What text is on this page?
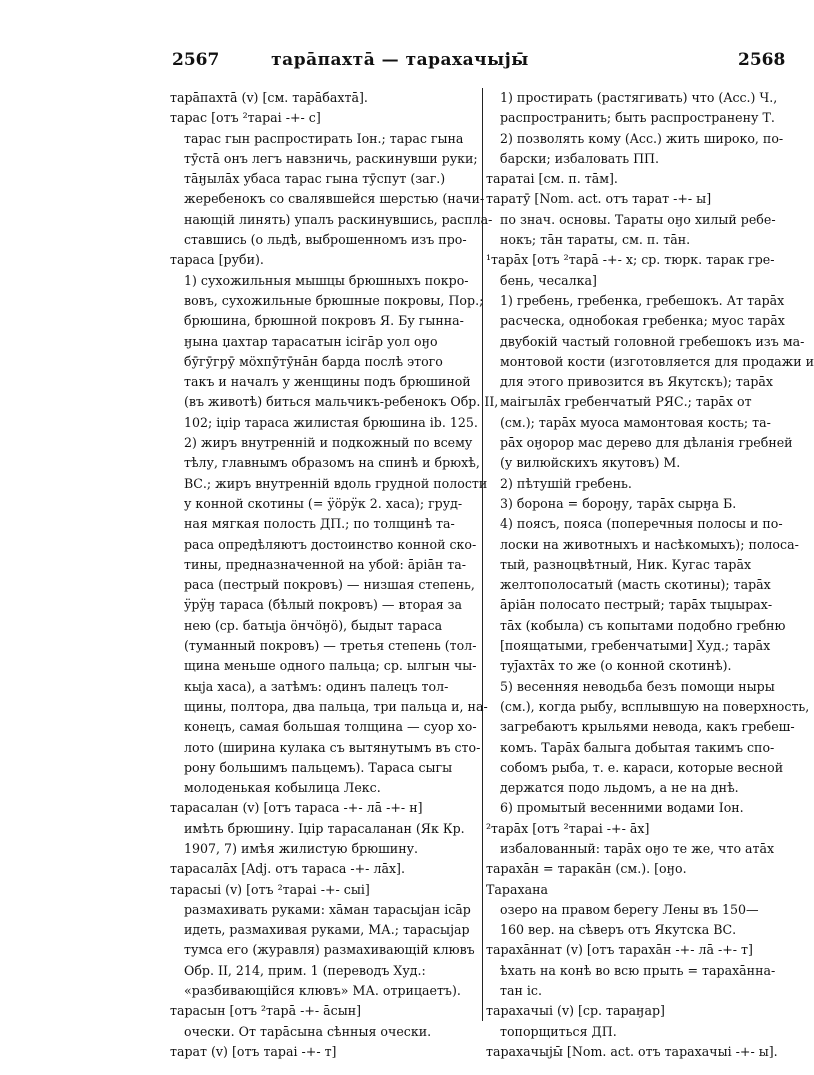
2567	тарāпахтā — тарахачыjы̄	2568
тарāпахтā (v) [см. тарāбахтā].
тарас [отъ ²тараі -+- с]
тарас гын распростирать Іон.; тарас гына
тӯстā онъ легъ навзничь, раскинувши руки;
тāӈылāх убаса тарас гына тӯспут (заг.)
жеребенокъ со свалявшейся шерстью (начи-
нающій линять) упалъ раскинувшись, распла-
ставшись (о льдѣ, выброшенномъ изъ про-
тараса [руби).
1) сухожильныя мышцы брюшныхъ покро-
вовъ, сухожильные брюшные покровы, Пор.;
брюшина, брюшной покровъ Я. Бу гынна-
ӈына џахтар тарасатын ісігāр уол оӈо
бӯгӯгрӯ мӧхпӯтӯнāн барда послѣ этого
такъ и началъ у женщины подъ брюшиной
(въ животѣ) биться мальчикъ-ребенокъ Обр. II,
102; іџір тараса жилистая брюшина ib. 125.
2) жиръ внутренній и подкожный по всему
тѣлу, главнымъ образомъ на спинѣ и брюхѣ,
ВС.; жиръ внутренній вдоль грудной полости
у конной скотины (= ӱӧрӱк 2. хаса); груд-
ная мягкая полость ДП.; по толщинѣ та-
раса опредѣляютъ достоинство конной ско-
тины, предназначенной на убой: āрiāн та-
раса (пестрый покровъ) — низшая степень,
ӱрӱӈ тараса (бѣлый покровъ) — вторая за
нею (ср. батыја öнчӧӈö), быдыт тараса
(туманный покровъ) — третья степень (тол-
щина меньше одного пальца; ср. ылгын чы-
кыја хаса), а затѣмъ: одинъ палецъ тол-
щины, полтора, два пальца, три пальца и, на-
конецъ, самая большая толщина — суор хо-
лото (ширина кулака съ вытянутымъ въ сто-
рону большимъ пальцемъ). Тараса сыгы
молоденькая кобылица Лекс.
тарасалан (v) [отъ тараса -+- лā -+- н]
имѣть брюшину. Іџір тарасаланан (Як Кр.
1907, 7) имѣя жилистую брюшину.
тарасалāх [Adj. отъ тараса -+- лāх].
тарасыі (v) [отъ ²тараі -+- сыі]
размахивать руками: хāман тарасыјан ісāр
идеть, размахивая руками, МА.; тарасыјар
тумса его (журавля) размахивающій клювъ
Обр. II, 214, прим. 1 (переводъ Худ.:
«разбивающійся клювъ» МА. отрицаетъ).
тарасын [отъ ²тарā -+- āсын]
очески. От тарāсына сѣнныя очески.
тарат (v) [отъ тараі -+- т]
1) простирать (растягивать) что (Acc.) Ч.,
распространить; быть распространену Т.
2) позволять кому (Acc.) жить широко, по-
барски; избаловать ПП.
таратаі [см. п. тāм].
таратӯ [Nom. act. отъ тарат -+- ы]
по знач. основы. Тараты оӈо хилый ребе-
нокъ; тāн тараты, см. п. тāн.
¹тарāх [отъ ²тарā -+- х; ср. тюрк. тарак гре-
бень, чесалка]
1) гребень, гребенка, гребешокъ. Ат тарāх
расческа, однобокая гребенка; муос тарāх
двубокій частый головной гребешокъ изъ ма-
монтовой кости (изготовляется для продажи и
для этого привозится въ Якутскъ); тарāх
маігылāх гребенчатый РЯС.; тарāх от
(см.); тарāх муоса мамонтовая кость; та-
рāх оӈорор мас дерево для дѣланія гребней
(у вилюйскихъ якутовъ) М.
2) пѣтушій гребень.
3) борона = бороӈу, тарāх сырӈа Б.
4) поясъ, пояса (поперечныя полосы и по-
лоски на животныхъ и насѣкомыхъ); полоса-
тый, разноцвѣтный, Ник. Кугас тарāх
желтополосатый (масть скотины); тарāх
āрiāн полосато пестрый; тарāх тыџырах-
тāх (кобыла) съ копытами подобно гребню
[поящатыми, гребенчатыми] Худ.; тарāх
туј̄ахтāх то же (о конной скотинѣ).
5) весенняя неводьба безъ помощи ныры
(см.), когда рыбу, всплывшую на поверхность,
загребаютъ крыльями невода, какъ гребеш-
комъ. Тарāх балыга добытая такимъ спо-
собомъ рыба, т. е. караси, которые весной
держатся подо льдомъ, а не на днѣ.
6) промытый весенними водами Іон.
²тарāх [отъ ²тараі -+- āх]
избалованный: тарāх оӈо те же, что атāх
тарахāн = таракāн (см.). [оӈо.
Тарахана
озеро на правом берегу Лены въ 150—
160 вер. на сѣверъ отъ Якутска ВС.
тарахāннат (v) [отъ тарахāн -+- лā -+- т]
ѣхать на конѣ во всю прыть = тарахāнна-
тан іс.
тарахачыі (v) [ср. тараӈар]
топорщиться ДП.
тарахачыјы̄ [Nom. act. отъ тарахачыі -+- ы].
